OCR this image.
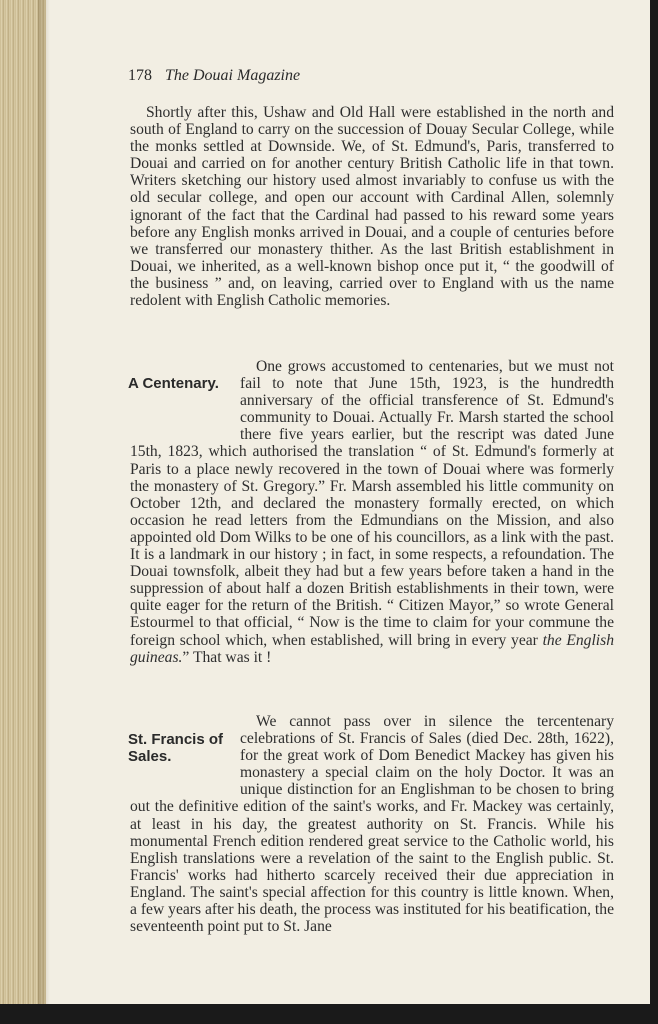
178 The Douai Magazine

Shortly after this, Ushaw and Old Hall were established in the north and south of England to carry on the succession of Douay Secular College, while the monks settled at Downside. We, of St. Edmund's, Paris, transferred to Douai and carried on for another century British Catholic life in that town. Writers sketching our history used almost invariably to confuse us with the old secular college, and open our account with Cardinal Allen, solemnly ignorant of the fact that the Cardinal had passed to his reward some years before any English monks arrived in Douai, and a couple of centuries before we transferred our monastery thither. As the last British establishment in Douai, we inherited, as a well-known bishop once put it, “ the goodwill of the business ” and, on leaving, carried over to England with us the name redolent with English Catholic memories.

A Centenary.
One grows accustomed to centenaries, but we must not fail to note that June 15th, 1923, is the hundredth anniversary of the official transference of St. Edmund's community to Douai. Actually Fr. Marsh started the school there five years earlier, but the rescript was dated June 15th, 1823, which authorised the translation “ of St. Edmund's formerly at Paris to a place newly recovered in the town of Douai where was formerly the monastery of St. Gregory.” Fr. Marsh assembled his little community on October 12th, and declared the monastery formally erected, on which occasion he read letters from the Edmundians on the Mission, and also appointed old Dom Wilks to be one of his councillors, as a link with the past. It is a landmark in our history ; in fact, in some respects, a refoundation. The Douai townsfolk, albeit they had but a few years before taken a hand in the suppression of about half a dozen British establishments in their town, were quite eager for the return of the British. “ Citizen Mayor,” so wrote General Estourmel to that official, “ Now is the time to claim for your commune the foreign school which, when established, will bring in every year the English guineas.” That was it !

St. Francis of Sales.
We cannot pass over in silence the tercentenary celebrations of St. Francis of Sales (died Dec. 28th, 1622), for the great work of Dom Benedict Mackey has given his monastery a special claim on the holy Doctor. It was an unique distinction for an Englishman to be chosen to bring out the definitive edition of the saint's works, and Fr. Mackey was certainly, at least in his day, the greatest authority on St. Francis. While his monumental French edition rendered great service to the Catholic world, his English translations were a revelation of the saint to the English public. St. Francis' works had hitherto scarcely received their due appreciation in England. The saint's special affection for this country is little known. When, a few years after his death, the process was instituted for his beatification, the seventeenth point put to St. Jane
